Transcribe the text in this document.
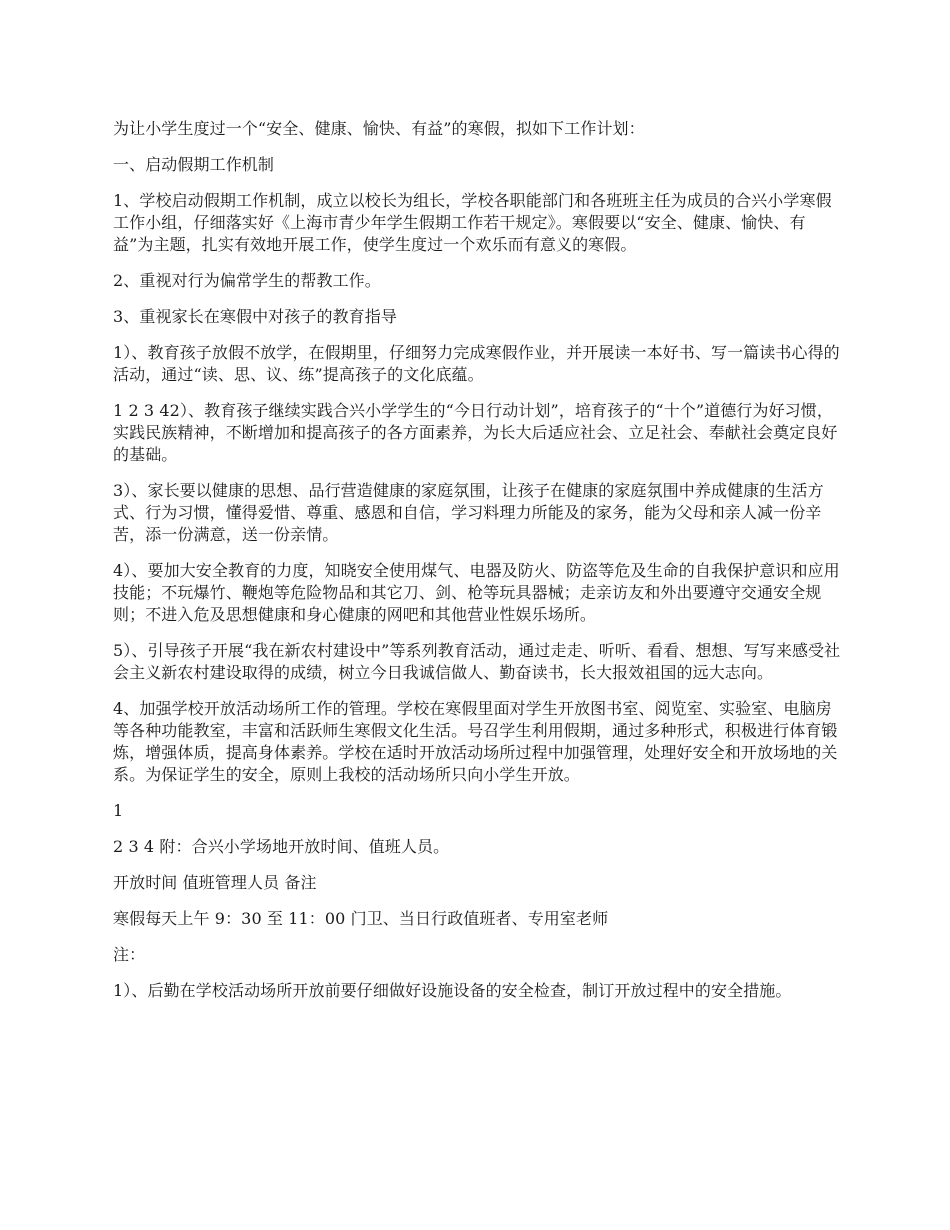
为让小学生度过一个“安全、健康、愉快、有益”的寒假，拟如下工作计划：

一、启动假期工作机制

1、学校启动假期工作机制，成立以校长为组长，学校各职能部门和各班班主任为成员的合兴小学寒假工作小组，仔细落实好《上海市青少年学生假期工作若干规定》。寒假要以“安全、健康、愉快、有益”为主题，扎实有效地开展工作，使学生度过一个欢乐而有意义的寒假。

2、重视对行为偏常学生的帮教工作。

3、重视家长在寒假中对孩子的教育指导

1）、教育孩子放假不放学，在假期里，仔细努力完成寒假作业，并开展读一本好书、写一篇读书心得的活动，通过“读、思、议、练”提高孩子的文化底蕴。

1 2 3 42）、教育孩子继续实践合兴小学学生的“今日行动计划”，培育孩子的“十个”道德行为好习惯，实践民族精神，不断增加和提高孩子的各方面素养，为长大后适应社会、立足社会、奉献社会奠定良好的基础。

3）、家长要以健康的思想、品行营造健康的家庭氛围，让孩子在健康的家庭氛围中养成健康的生活方式、行为习惯，懂得爱惜、尊重、感恩和自信，学习料理力所能及的家务，能为父母和亲人减一份辛苦，添一份满意，送一份亲情。

4）、要加大安全教育的力度，知晓安全使用煤气、电器及防火、防盗等危及生命的自我保护意识和应用技能；不玩爆竹、鞭炮等危险物品和其它刀、剑、枪等玩具器械；走亲访友和外出要遵守交通安全规则；不进入危及思想健康和身心健康的网吧和其他营业性娱乐场所。

5）、引导孩子开展“我在新农村建设中”等系列教育活动，通过走走、听听、看看、想想、写写来感受社会主义新农村建设取得的成绩，树立今日我诚信做人、勤奋读书，长大报效祖国的远大志向。

4、加强学校开放活动场所工作的管理。学校在寒假里面对学生开放图书室、阅览室、实验室、电脑房等各种功能教室，丰富和活跃师生寒假文化生活。号召学生利用假期，通过多种形式，积极进行体育锻炼，增强体质，提高身体素养。学校在适时开放活动场所过程中加强管理，处理好安全和开放场地的关系。为保证学生的安全，原则上我校的活动场所只向小学生开放。

1

2 3 4 附：合兴小学场地开放时间、值班人员。

开放时间 值班管理人员 备注

寒假每天上午 9：30 至 11：00 门卫、当日行政值班者、专用室老师

注：

1）、后勤在学校活动场所开放前要仔细做好设施设备的安全检查，制订开放过程中的安全措施。
